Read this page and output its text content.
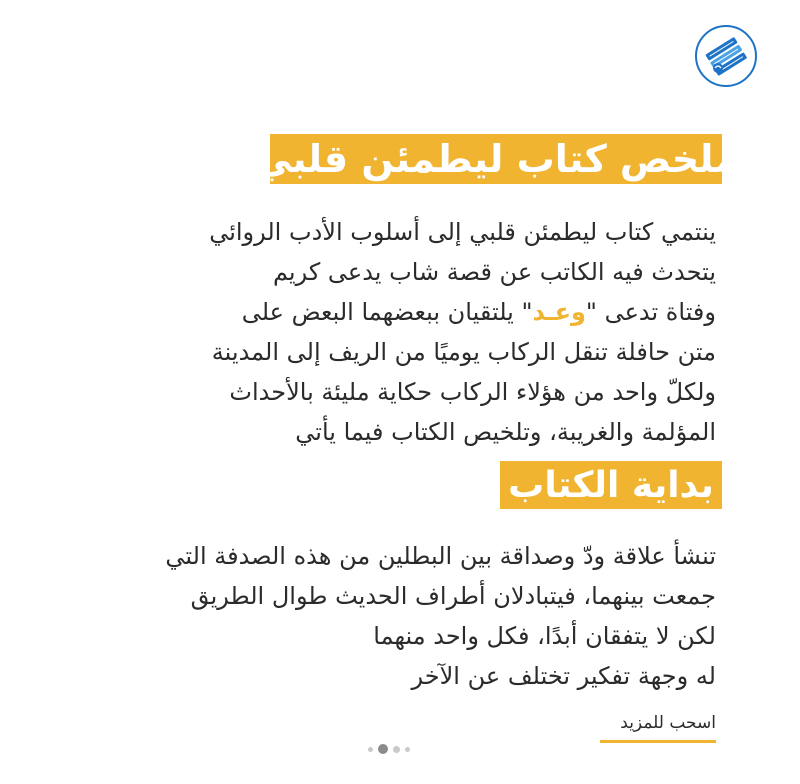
ملخص كتاب ليطمئن قلبي
ينتمي كتاب ليطمئن قلبي إلى أسلوب الأدب الروائي
يتحدث فيه الكاتب عن قصة شاب يدعى كريم
وفتاة تدعى "وعـد" يلتقيان ببعضهما البعض على
متن حافلة تنقل الركاب يوميًا من الريف إلى المدينة
ولكلّ واحد من هؤلاء الركاب حكاية مليئة بالأحداث
المؤلمة والغريبة، وتلخيص الكتاب فيما يأتي
بداية الكتاب
تنشأ علاقة ودّ وصداقة بين البطلين من هذه الصدفة التي
جمعت بينهما، فيتبادلان أطراف الحديث طوال الطريق
لكن لا يتفقان أبدًا، فكل واحد منهما
له وجهة تفكير تختلف عن الآخر
اسحب للمزيد
